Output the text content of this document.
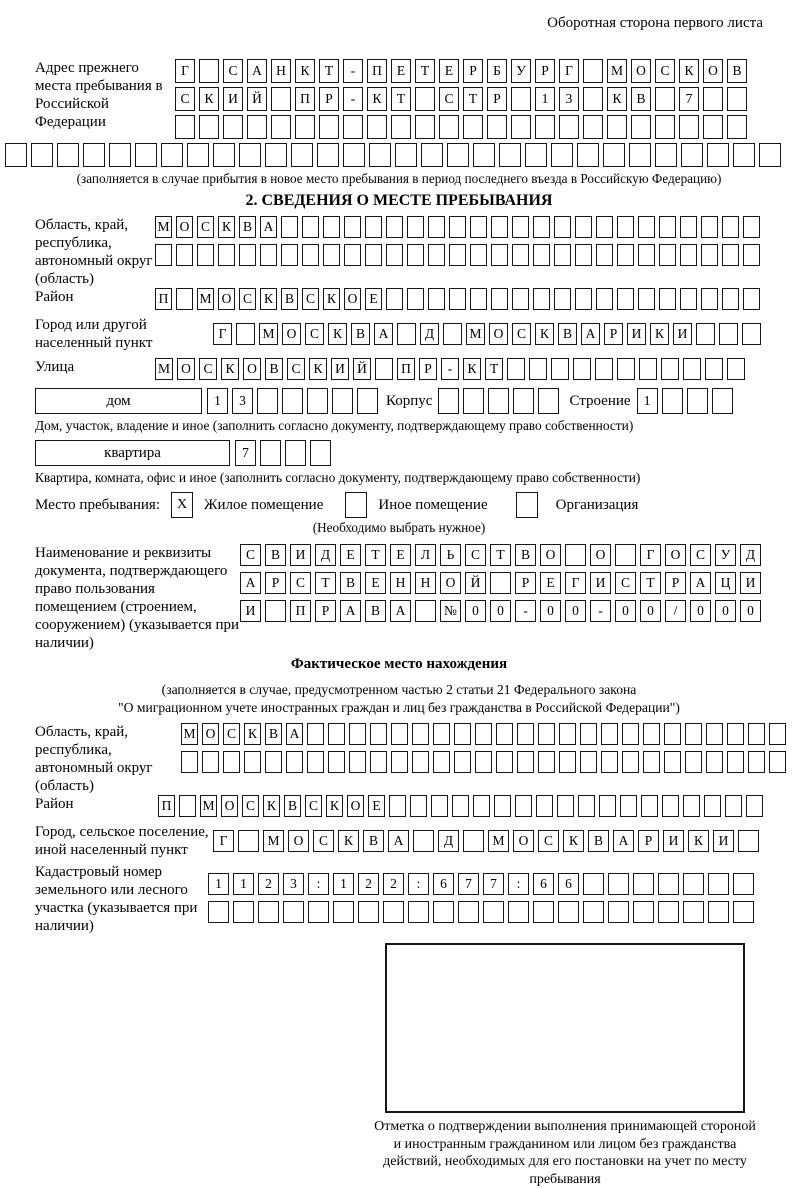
Оборотная сторона первого листа
Адрес прежнего места пребывания в Российской Федерации
Г	С	А	Н	К	Т	-	П	Е	Т	Е	Р	Б	У	Р	Г	М О	С	К	О	В
С	К	И	Й	П	Р	-	К	Т	С	Т	Р	1	3	К	В	7
(заполняется в случае прибытия в новое место пребывания в период последнего въезда в Российскую Федерацию)
2. СВЕДЕНИЯ О МЕСТЕ ПРЕБЫВАНИЯ
Область, край, республика, автономный округ (область)
М О С К В А
Район	П М О С К В С К О Е
Город или другой населенный пункт
Г	М О	С	К	В	А	Д	М О	С	К	В	А	Р	И	К	И
Улица	М О С К О В С К И Й	П Р	-	К Т
дом	1	3	Корпус	Строение 1
Дом, участок, владение и иное (заполнить согласно документу, подтверждающему право собственности)
квартира	7
Квартира, комната, офис и иное (заполнить согласно документу, подтверждающему право собственности)
Место пребывания:	X	Жилое помещение	Иное помещение	Организация
(Необходимо выбрать нужное)
Наименование и реквизиты документа, подтверждающего право пользования помещением (строением, сооружением) (указывается при наличии)
С	В	И	Д	Е	Т	Е	Л	Ь	С	Т	В	О	О	Г	О	С	У	Д
А	Р	С	Т	В	Е	Н	Н	О	Й	Р	Е	Г	И	С	Т	Р	А	Ц	И
И	П	Р	А	В	А	№	0	0	-	0	0	-	0	0	/	0	0	0
Фактическое место нахождения
(заполняется в случае, предусмотренном частью 2 статьи 21 Федерального закона
"О миграционном учете иностранных граждан и лиц без гражданства в Российской Федерации")
Область, край, республика, автономный округ (область)
М О С К В А
Район	П М О С К В С К О Е
Город, сельское поселение, иной населенный пункт
Г	М	О	С	К	В	А	Д	М	О	С	К	В	А	Р	И	К	И
Кадастровый номер земельного или лесного участка (указывается при наличии)
1	1	2	3	:	1	2	2	:	6	7	7	:	6	6
Отметка о подтверждении выполнения принимающей стороной и иностранным гражданином или лицом без гражданства действий, необходимых для его постановки на учет по месту пребывания
